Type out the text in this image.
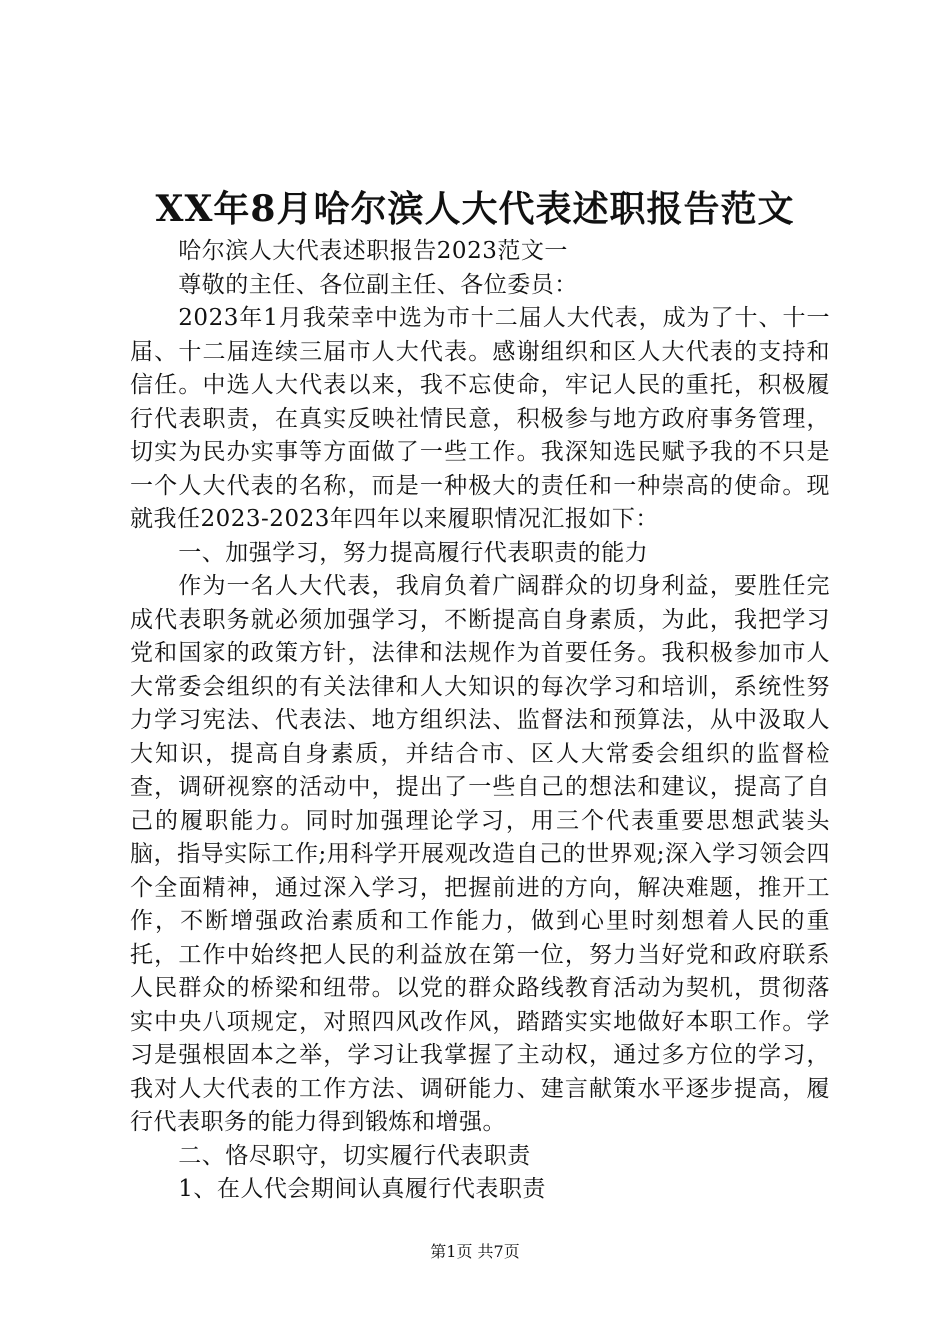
XX年8月哈尔滨人大代表述职报告范文

哈尔滨人大代表述职报告2023范文一

尊敬的主任、各位副主任、各位委员：

2023年1月我荣幸中选为市十二届人大代表，成为了十、十一届、十二届连续三届市人大代表。感谢组织和区人大代表的支持和信任。中选人大代表以来，我不忘使命，牢记人民的重托，积极履行代表职责，在真实反映社情民意，积极参与地方政府事务管理，切实为民办实事等方面做了一些工作。我深知选民赋予我的不只是一个人大代表的名称，而是一种极大的责任和一种崇高的使命。现就我任2023-2023年四年以来履职情况汇报如下：

一、加强学习，努力提高履行代表职责的能力

作为一名人大代表，我肩负着广阔群众的切身利益，要胜任完成代表职务就必须加强学习，不断提高自身素质，为此，我把学习党和国家的政策方针，法律和法规作为首要任务。我积极参加市人大常委会组织的有关法律和人大知识的每次学习和培训，系统性努力学习宪法、代表法、地方组织法、监督法和预算法，从中汲取人大知识，提高自身素质，并结合市、区人大常委会组织的监督检查，调研视察的活动中，提出了一些自己的想法和建议，提高了自己的履职能力。同时加强理论学习，用三个代表重要思想武装头脑，指导实际工作;用科学开展观改造自己的世界观;深入学习领会四个全面精神，通过深入学习，把握前进的方向，解决难题，推开工作，不断增强政治素质和工作能力，做到心里时刻想着人民的重托，工作中始终把人民的利益放在第一位，努力当好党和政府联系人民群众的桥梁和纽带。以党的群众路线教育活动为契机，贯彻落实中央八项规定，对照四风改作风，踏踏实实地做好本职工作。学习是强根固本之举，学习让我掌握了主动权，通过多方位的学习，我对人大代表的工作方法、调研能力、建言献策水平逐步提高，履行代表职务的能力得到锻炼和增强。

二、恪尽职守，切实履行代表职责

1、在人代会期间认真履行代表职责

第1页 共7页
